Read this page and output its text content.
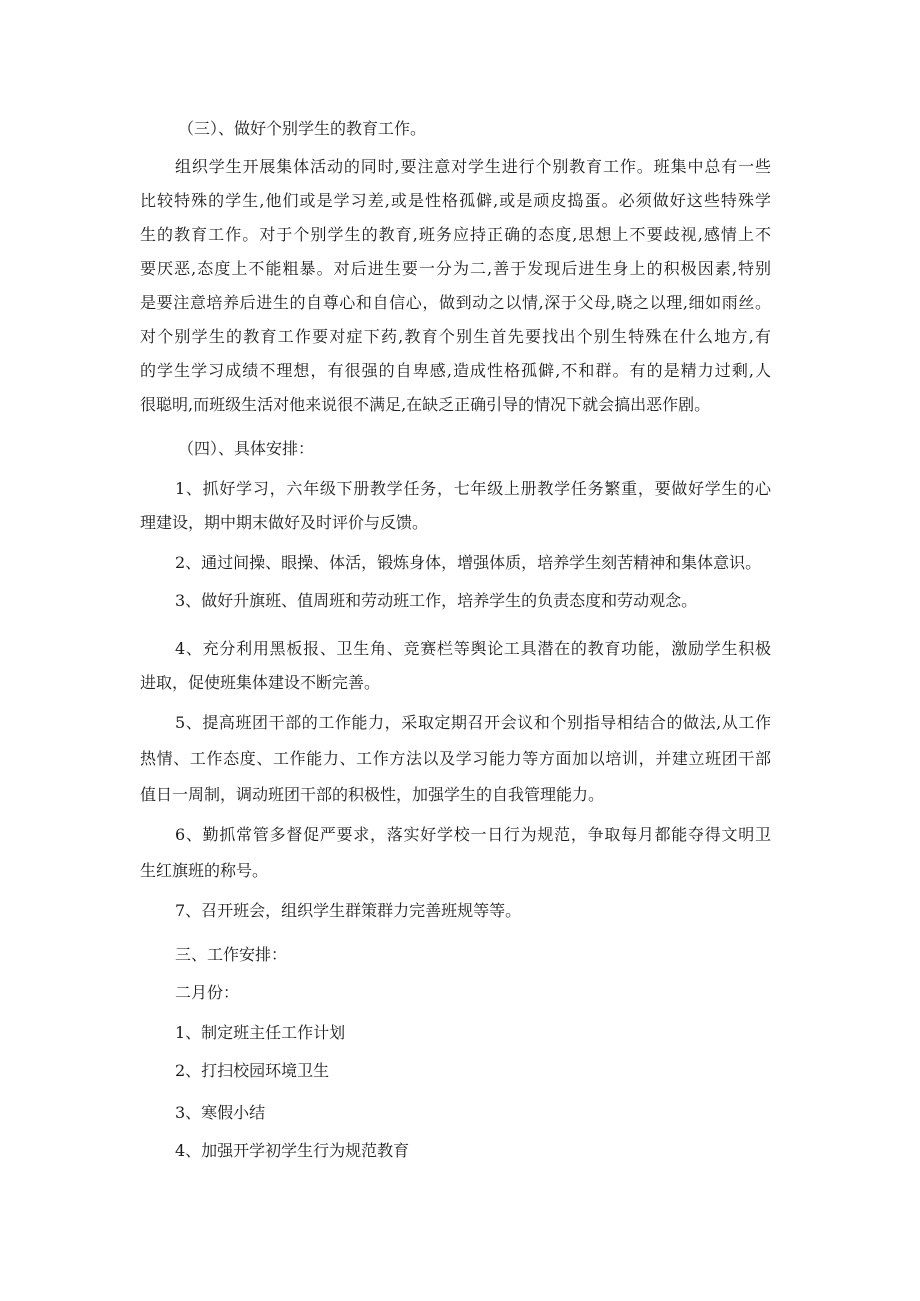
（三）、做好个别学生的教育工作。
组织学生开展集体活动的同时,要注意对学生进行个别教育工作。班集中总有一些
比较特殊的学生,他们或是学习差,或是性格孤僻,或是顽皮捣蛋。必须做好这些特殊学
生的教育工作。对于个别学生的教育,班务应持正确的态度,思想上不要歧视,感情上不
要厌恶,态度上不能粗暴。对后进生要一分为二,善于发现后进生身上的积极因素,特别
是要注意培养后进生的自尊心和自信心，做到动之以情,深于父母,晓之以理,细如雨丝。
对个别学生的教育工作要对症下药,教育个别生首先要找出个别生特殊在什么地方,有
的学生学习成绩不理想，有很强的自卑感,造成性格孤僻,不和群。有的是精力过剩,人
很聪明,而班级生活对他来说很不满足,在缺乏正确引导的情况下就会搞出恶作剧。
（四）、具体安排：
1、抓好学习，六年级下册教学任务，七年级上册教学任务繁重，要做好学生的心
理建设，期中期末做好及时评价与反馈。
2、通过间操、眼操、体活，锻炼身体，增强体质，培养学生刻苦精神和集体意识。
3、做好升旗班、值周班和劳动班工作，培养学生的负责态度和劳动观念。
4、充分利用黑板报、卫生角、竞赛栏等舆论工具潜在的教育功能，激励学生积极
进取，促使班集体建设不断完善。
5、提高班团干部的工作能力，采取定期召开会议和个别指导相结合的做法,从工作
热情、工作态度、工作能力、工作方法以及学习能力等方面加以培训，并建立班团干部
值日一周制，调动班团干部的积极性，加强学生的自我管理能力。
6、勤抓常管多督促严要求，落实好学校一日行为规范，争取每月都能夺得文明卫
生红旗班的称号。
7、召开班会，组织学生群策群力完善班规等等。
三、工作安排：
二月份：
1、制定班主任工作计划
2、打扫校园环境卫生
3、寒假小结
4、加强开学初学生行为规范教育
